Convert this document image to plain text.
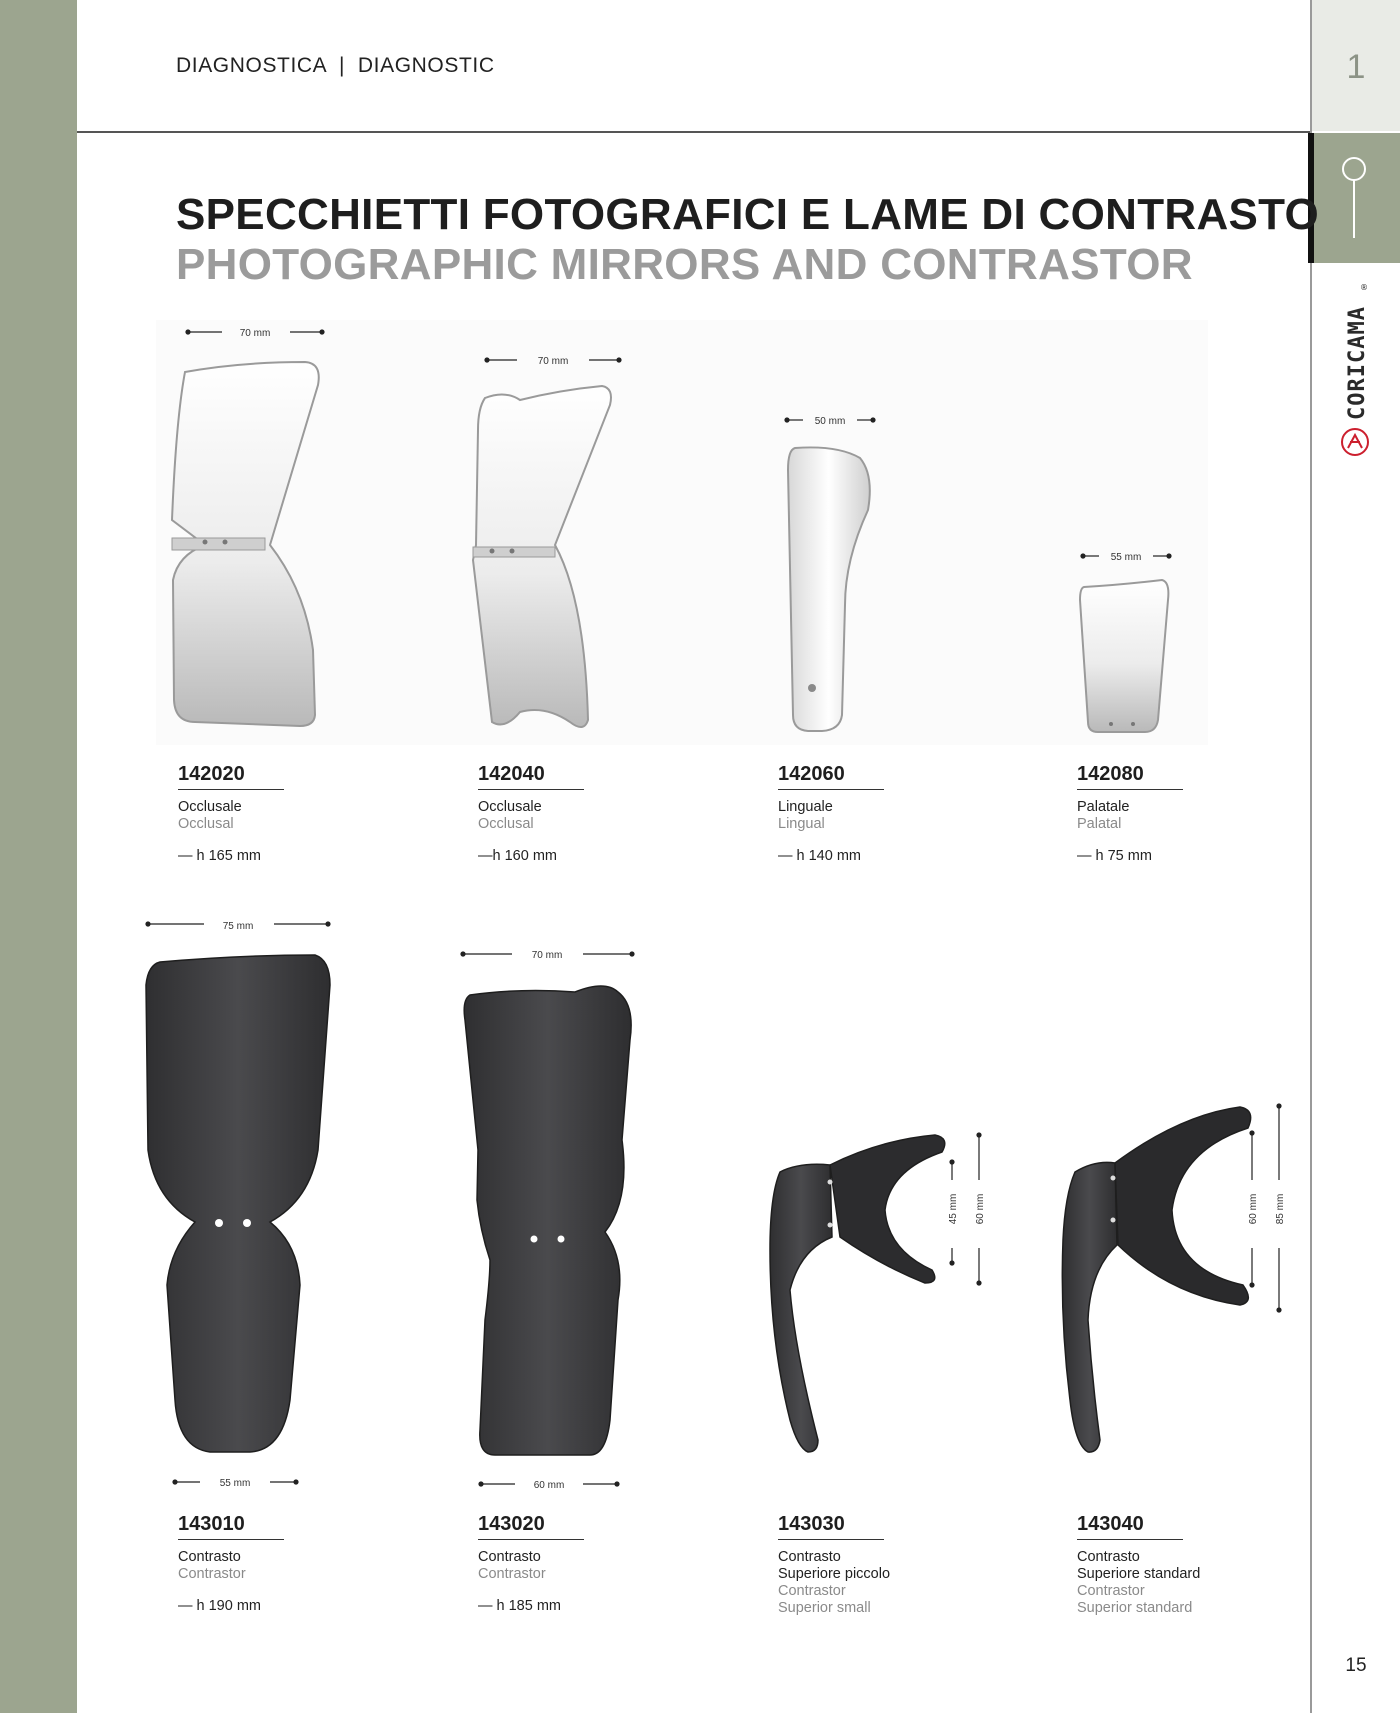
DIAGNOSTICA  |  DIAGNOSTIC	1
CORICAMA
®
SPECCHIETTI FOTOGRAFICI E LAME DI CONTRASTO
PHOTOGRAPHIC MIRRORS AND CONTRASTOR
70 mm
70 mm
50 mm
55 mm
75 mm
70 mm
55 mm	60 mm
45 mm 60 mm	60 mm 85 mm
142020
Occlusale
Occlusal
— h 165 mm
142040
Occlusale
Occlusal
—h 160 mm
142060
Linguale
Lingual
— h 140 mm
142080
Palatale
Palatal
— h 75 mm
143010
Contrasto
Contrastor
— h 190 mm
143020
Contrasto
Contrastor
— h 185 mm
143030
Contrasto
Superiore piccolo
Contrastor
Superior small
143040
Contrasto
Superiore standard
Contrastor
Superior standard
15
